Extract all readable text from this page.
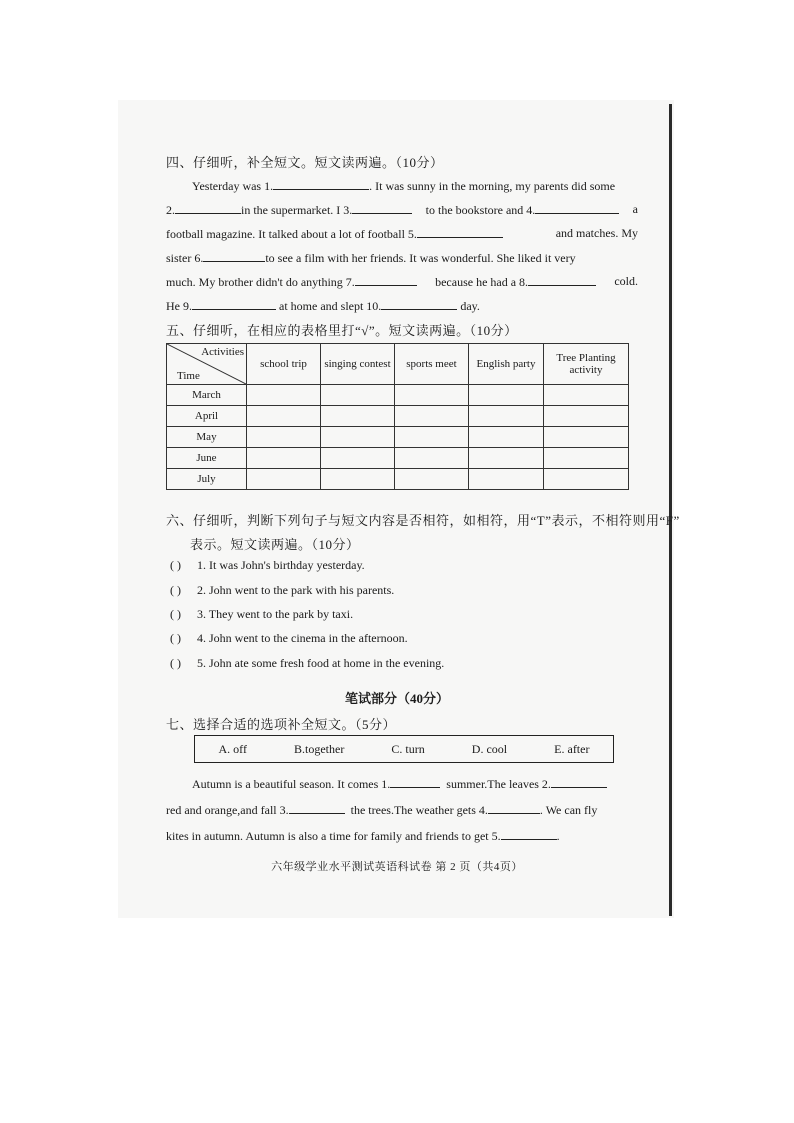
四、仔细听，补全短文。短文读两遍。（10分）
Yesterday was 1.	. It was sunny in the morning, my parents did some
2.	in the supermarket. I 3.	to the bookstore and 4.	a
football magazine. It talked about a lot of football 5.	and matches. My
sister 6.	to see a film with her friends. It was wonderful. She liked it very
much. My brother didn't do anything 7.	because he had a 8.	cold.
He 9.	at home and slept 10.	day.
五、仔细听，在相应的表格里打“√”。短文读两遍。（10分）
Activities
Time	school trip	singing contest	sports meet	English party	Tree Planting activity
March					
April					
May					
June					
July					
六、仔细听，判断下列句子与短文内容是否相符，如相符，用“T”表示，不相符则用“F”
表示。短文读两遍。（10分）
( ) 1. It was John's birthday yesterday.
( ) 2. John went to the park with his parents.
( ) 3. They went to the park by taxi.
( ) 4. John went to the cinema in the afternoon.
( ) 5. John ate some fresh food at home in the evening.
笔试部分（40分）
七、选择合适的选项补全短文。（5分）
A. off	B.together	C. turn	D. cool	E. after
Autumn is a beautiful season. It comes 1.	summer.The leaves 2.
red and orange,and fall 3.	the trees.The weather gets 4.	. We can fly
kites in autumn. Autumn is also a time for family and friends to get 5.	.
六年级学业水平测试英语科试卷 第 2 页（共4页）
